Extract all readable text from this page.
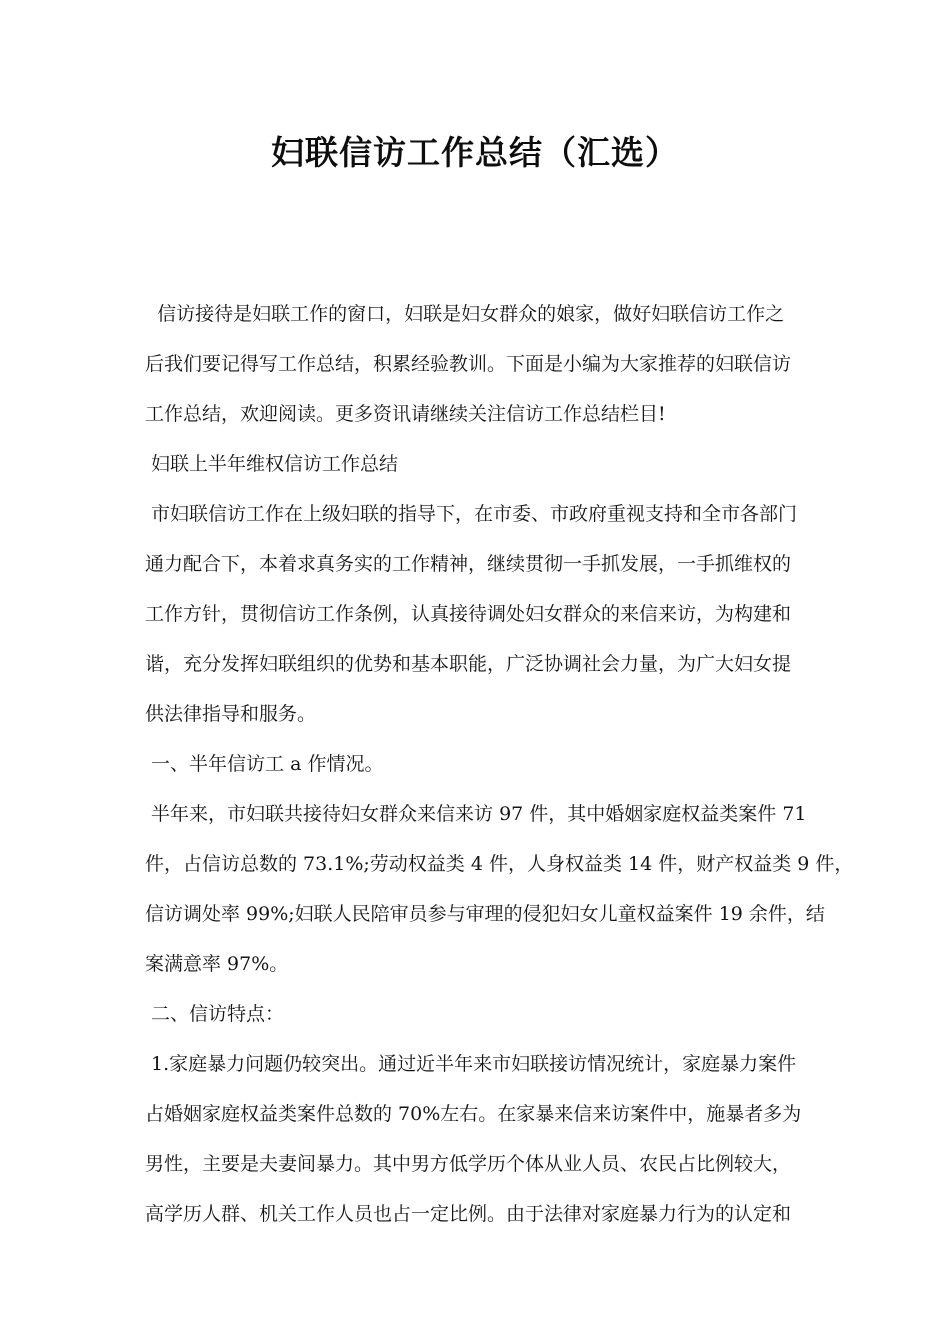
妇联信访工作总结（汇选）
信访接待是妇联工作的窗口，妇联是妇女群众的娘家，做好妇联信访工作之
后我们要记得写工作总结，积累经验教训。下面是小编为大家推荐的妇联信访
工作总结，欢迎阅读。更多资讯请继续关注信访工作总结栏目!
妇联上半年维权信访工作总结
市妇联信访工作在上级妇联的指导下，在市委、市政府重视支持和全市各部门
通力配合下，本着求真务实的工作精神，继续贯彻一手抓发展，一手抓维权的
工作方针，贯彻信访工作条例，认真接待调处妇女群众的来信来访，为构建和
谐，充分发挥妇联组织的优势和基本职能，广泛协调社会力量，为广大妇女提
供法律指导和服务。
一、半年信访工 a 作情况。
半年来，市妇联共接待妇女群众来信来访 97 件，其中婚姻家庭权益类案件 71
件，占信访总数的 73.1%;劳动权益类 4 件，人身权益类 14 件，财产权益类 9 件，
信访调处率 99%;妇联人民陪审员参与审理的侵犯妇女儿童权益案件 19 余件，结
案满意率 97%。
二、信访特点：
1.家庭暴力问题仍较突出。通过近半年来市妇联接访情况统计，家庭暴力案件
占婚姻家庭权益类案件总数的 70%左右。在家暴来信来访案件中，施暴者多为
男性，主要是夫妻间暴力。其中男方低学历个体从业人员、农民占比例较大，
高学历人群、机关工作人员也占一定比例。由于法律对家庭暴力行为的认定和
